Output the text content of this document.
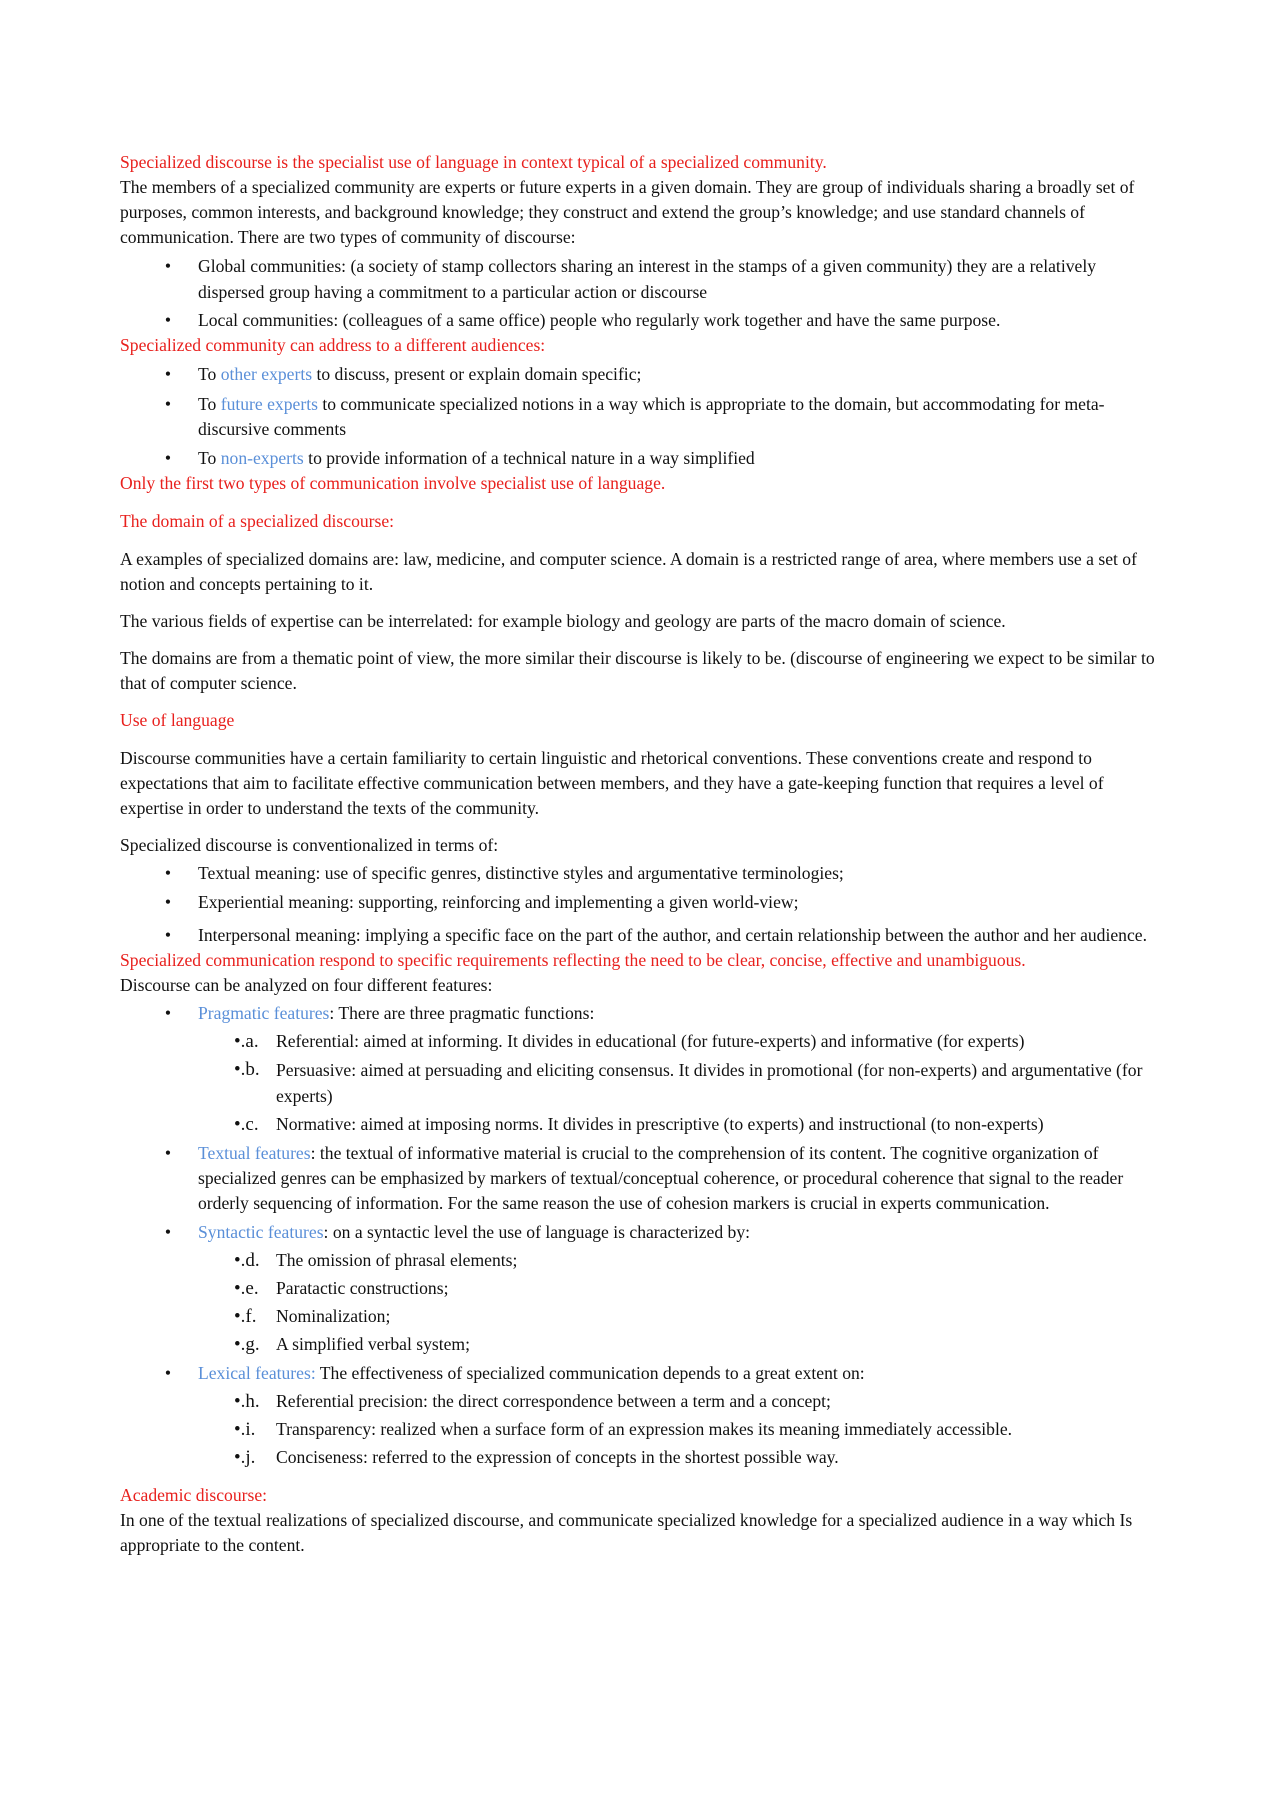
Specialized discourse is the specialist use of language in context typical of a specialized community.

The members of a specialized community are experts or future experts in a given domain. They are group of individuals sharing a broadly set of purposes, common interests, and background knowledge; they construct and extend the group’s knowledge; and use standard channels of communication. There are two types of community of discourse:

•	Global communities: (a society of stamp collectors sharing an interest in the stamps of a given community) they are a relatively dispersed group having a commitment to a particular action or discourse
•	Local communities: (colleagues of a same office) people who regularly work together and have the same purpose.

Specialized community can address to a different audiences:

•	To other experts to discuss, present or explain domain specific;
•	To future experts to communicate specialized notions in a way which is appropriate to the domain, but accommodating for meta-discursive comments
•	To non-experts to provide information of a technical nature in a way simplified

Only the first two types of communication involve specialist use of language.

The domain of a specialized discourse:

A examples of specialized domains are: law, medicine, and computer science. A domain is a restricted range of area, where members use a set of notion and concepts pertaining to it.

The various fields of expertise can be interrelated: for example biology and geology are parts of the macro domain of science.

The domains are from a thematic point of view, the more similar their discourse is likely to be. (discourse of engineering we expect to be similar to that of computer science.

Use of language

Discourse communities have a certain familiarity to certain linguistic and rhetorical conventions. These conventions create and respond to expectations that aim to facilitate effective communication between members, and they have a gate-keeping function that requires a level of expertise in order to understand the texts of the community.

Specialized discourse is conventionalized in terms of:

•	Textual meaning: use of specific genres, distinctive styles and argumentative terminologies;
•	Experiential meaning: supporting, reinforcing and implementing a given world-view;
•	Interpersonal meaning: implying a specific face on the part of the author, and certain relationship between the author and her audience.

Specialized communication respond to specific requirements reflecting the need to be clear, concise, effective and unambiguous.

Discourse can be analyzed on four different features:

•	Pragmatic features: There are three pragmatic functions:
•.a. Referential: aimed at informing. It divides in educational (for future-experts) and informative (for experts)
•.b. Persuasive: aimed at persuading and eliciting consensus. It divides in promotional (for non-experts) and argumentative (for experts)
•.c. Normative: aimed at imposing norms. It divides in prescriptive (to experts) and instructional (to non-experts)
•	Textual features: the textual of informative material is crucial to the comprehension of its content. The cognitive organization of specialized genres can be emphasized by markers of textual/conceptual coherence, or procedural coherence that signal to the reader orderly sequencing of information. For the same reason the use of cohesion markers is crucial in experts communication.
•	Syntactic features: on a syntactic level the use of language is characterized by:
•.d. The omission of phrasal elements;
•.e. Paratactic constructions;
•.f.	Nominalization;
•.g. A simplified verbal system;
•	Lexical features: The effectiveness of specialized communication depends to a great extent on:
•.h. Referential precision: the direct correspondence between a term and a concept;
•.i.	Transparency: realized when a surface form of an expression makes its meaning immediately accessible.
•.j.	Conciseness: referred to the expression of concepts in the shortest possible way.

Academic discourse:

In one of the textual realizations of specialized discourse, and communicate specialized knowledge for a specialized audience in a way which Is appropriate to the content.
